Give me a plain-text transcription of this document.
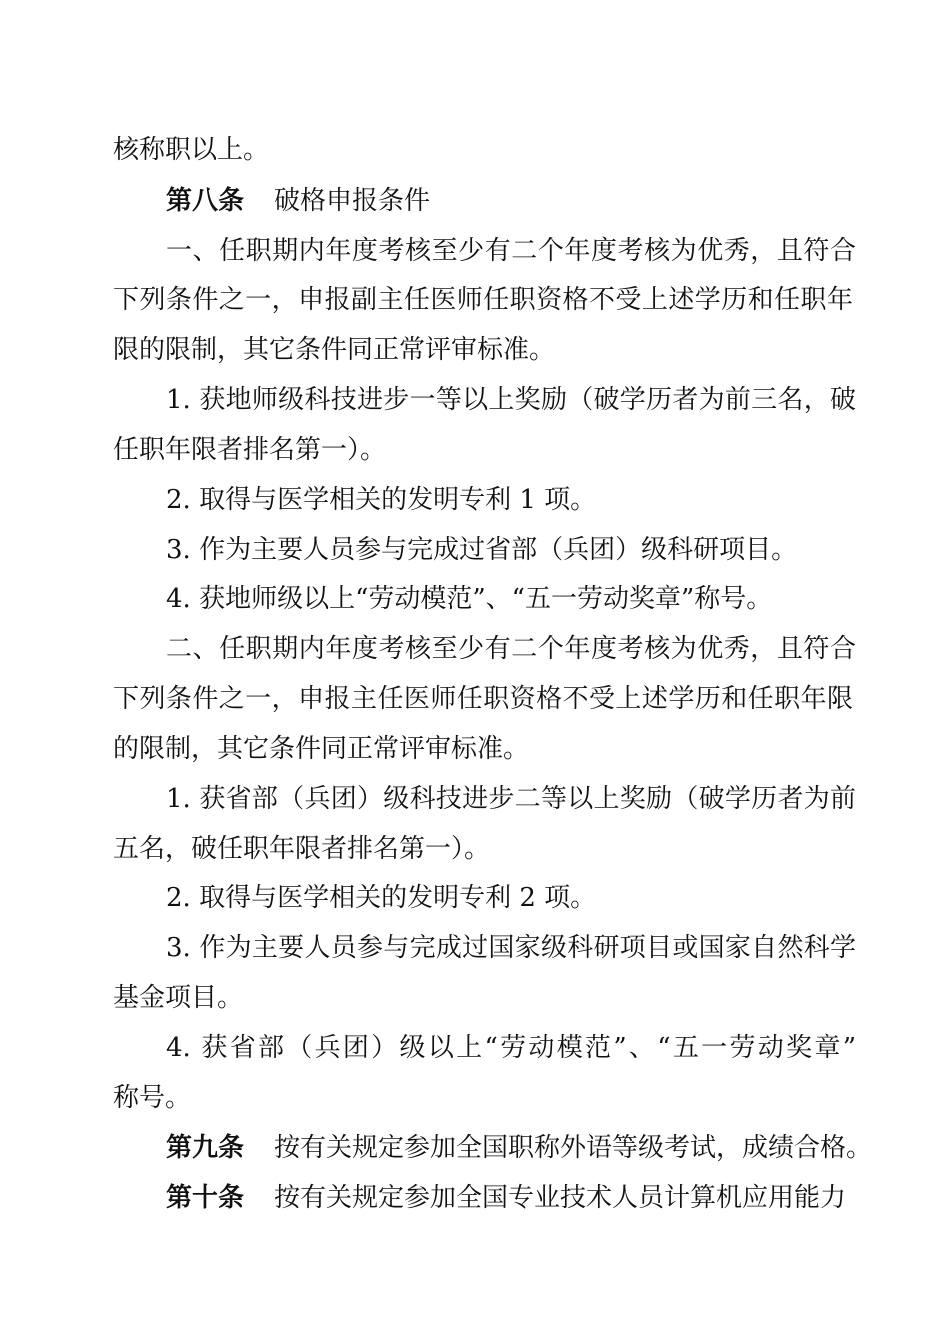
核称职以上。
第八条 破格申报条件
一、任职期内年度考核至少有二个年度考核为优秀，且符合
下列条件之一，申报副主任医师任职资格不受上述学历和任职年
限的限制，其它条件同正常评审标准。
1. 获地师级科技进步一等以上奖励（破学历者为前三名，破
任职年限者排名第一）。
2. 取得与医学相关的发明专利 1 项。
3. 作为主要人员参与完成过省部（兵团）级科研项目。
4. 获地师级以上“劳动模范”、“五一劳动奖章”称号。
二、任职期内年度考核至少有二个年度考核为优秀，且符合
下列条件之一，申报主任医师任职资格不受上述学历和任职年限
的限制，其它条件同正常评审标准。
1. 获省部（兵团）级科技进步二等以上奖励（破学历者为前
五名，破任职年限者排名第一）。
2. 取得与医学相关的发明专利 2 项。
3. 作为主要人员参与完成过国家级科研项目或国家自然科学
基金项目。
4. 获省部（兵团）级以上“劳动模范”、“五一劳动奖章”
称号。
第九条 按有关规定参加全国职称外语等级考试，成绩合格。
第十条 按有关规定参加全国专业技术人员计算机应用能力
